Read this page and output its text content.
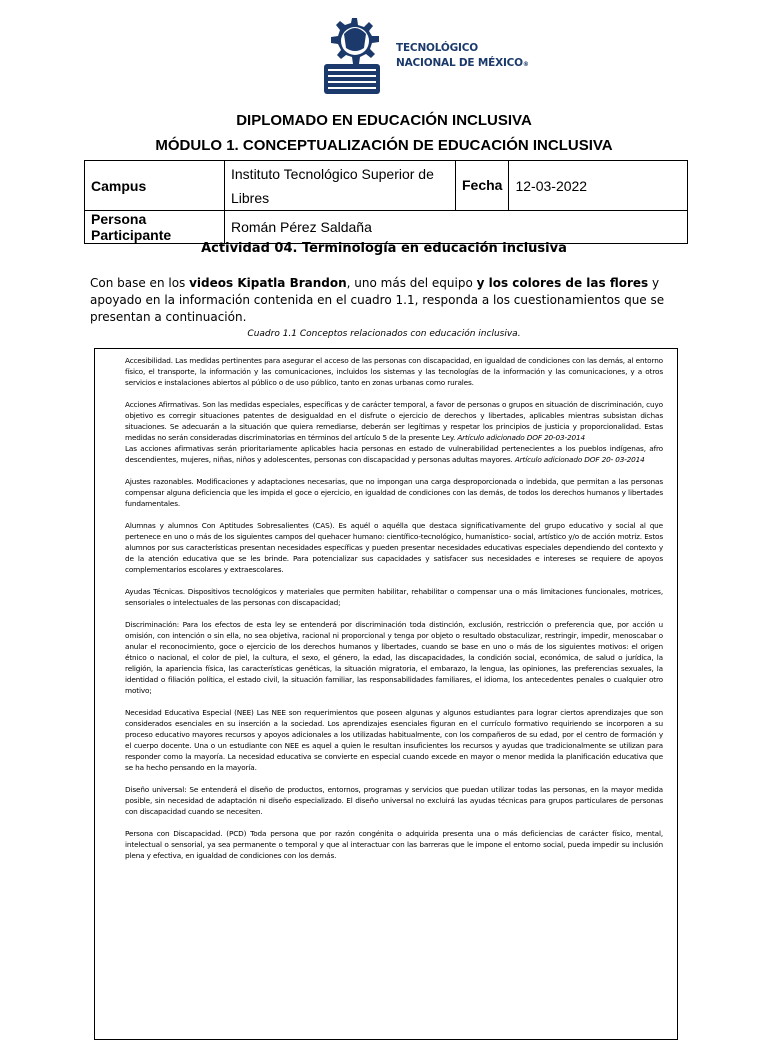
TECNOLÓGICO
NACIONAL DE MÉXICO®
DIPLOMADO EN EDUCACIÓN INCLUSIVA
MÓDULO 1. CONCEPTUALIZACIÓN DE EDUCACIÓN INCLUSIVA
Campus	Instituto Tecnológico Superior de Libres	Fecha	12-03-2022
Persona Participante	Román Pérez Saldaña		
Actividad 04. Terminología en educación inclusiva
Con base en los videos Kipatla Brandon, uno más del equipo y los colores de las flores y apoyado en la información contenida en el cuadro 1.1, responda a los cuestionamientos que se presentan a continuación.
Cuadro 1.1 Conceptos relacionados con educación inclusiva.

Accesibilidad. Las medidas pertinentes para asegurar el acceso de las personas con discapacidad, en igualdad de condiciones con las demás, al entorno físico, el transporte, la información y las comunicaciones, incluidos los sistemas y las tecnologías de la información y las comunicaciones, y a otros servicios e instalaciones abiertos al público o de uso público, tanto en zonas urbanas como rurales.

Acciones Afirmativas. Son las medidas especiales, específicas y de carácter temporal, a favor de personas o grupos en situación de discriminación, cuyo objetivo es corregir situaciones patentes de desigualdad en el disfrute o ejercicio de derechos y libertades, aplicables mientras subsistan dichas situaciones. Se adecuarán a la situación que quiera remediarse, deberán ser legítimas y respetar los principios de justicia y proporcionalidad. Estas medidas no serán consideradas discriminatorias en términos del artículo 5 de la presente Ley. Artículo adicionado DOF 20-03-2014

Las acciones afirmativas serán prioritariamente aplicables hacia personas en estado de vulnerabilidad pertenecientes a los pueblos indígenas, afro descendientes, mujeres, niñas, niños y adolescentes, personas con discapacidad y personas adultas mayores. Artículo adicionado DOF 20- 03-2014

Ajustes razonables. Modificaciones y adaptaciones necesarias, que no impongan una carga desproporcionada o indebida, que permitan a las personas compensar alguna deficiencia que les impida el goce o ejercicio, en igualdad de condiciones con las demás, de todos los derechos humanos y libertades fundamentales.

Alumnas y alumnos Con Aptitudes Sobresalientes (CAS). Es aquél o aquélla que destaca significativamente del grupo educativo y social al que pertenece en uno o más de los siguientes campos del quehacer humano: científico-tecnológico, humanístico- social, artístico y/o de acción motriz. Estos alumnos por sus características presentan necesidades específicas y pueden presentar necesidades educativas especiales dependiendo del contexto y de la atención educativa que se les brinde. Para potencializar sus capacidades y satisfacer sus necesidades e intereses se requiere de apoyos complementarios escolares y extraescolares.

Ayudas Técnicas. Dispositivos tecnológicos y materiales que permiten habilitar, rehabilitar o compensar una o más limitaciones funcionales, motrices, sensoriales o intelectuales de las personas con discapacidad;

Discriminación: Para los efectos de esta ley se entenderá por discriminación toda distinción, exclusión, restricción o preferencia que, por acción u omisión, con intención o sin ella, no sea objetiva, racional ni proporcional y tenga por objeto o resultado obstaculizar, restringir, impedir, menoscabar o anular el reconocimiento, goce o ejercicio de los derechos humanos y libertades, cuando se base en uno o más de los siguientes motivos: el origen étnico o nacional, el color de piel, la cultura, el sexo, el género, la edad, las discapacidades, la condición social, económica, de salud o jurídica, la religión, la apariencia física, las características genéticas, la situación migratoria, el embarazo, la lengua, las opiniones, las preferencias sexuales, la identidad o filiación política, el estado civil, la situación familiar, las responsabilidades familiares, el idioma, los antecedentes penales o cualquier otro motivo;

Necesidad Educativa Especial (NEE) Las NEE son requerimientos que poseen algunas y algunos estudiantes para lograr ciertos aprendizajes que son considerados esenciales en su inserción a la sociedad. Los aprendizajes esenciales figuran en el currículo formativo requiriendo se incorporen a su proceso educativo mayores recursos y apoyos adicionales a los utilizadas habitualmente, con los compañeros de su edad, por el centro de formación y el cuerpo docente. Una o un estudiante con NEE es aquel a quien le resultan insuficientes los recursos y ayudas que tradicionalmente se utilizan para responder como la mayoría. La necesidad educativa se convierte en especial cuando excede en mayor o menor medida la planificación educativa que se ha hecho pensando en la mayoría.

Diseño universal: Se entenderá el diseño de productos, entornos, programas y servicios que puedan utilizar todas las personas, en la mayor medida posible, sin necesidad de adaptación ni diseño especializado. El diseño universal no excluirá las ayudas técnicas para grupos particulares de personas con discapacidad cuando se necesiten.

Persona con Discapacidad. (PCD) Toda persona que por razón congénita o adquirida presenta una o más deficiencias de carácter físico, mental, intelectual o sensorial, ya sea permanente o temporal y que al interactuar con las barreras que le impone el entorno social, pueda impedir su inclusión plena y efectiva, en igualdad de condiciones con los demás.
